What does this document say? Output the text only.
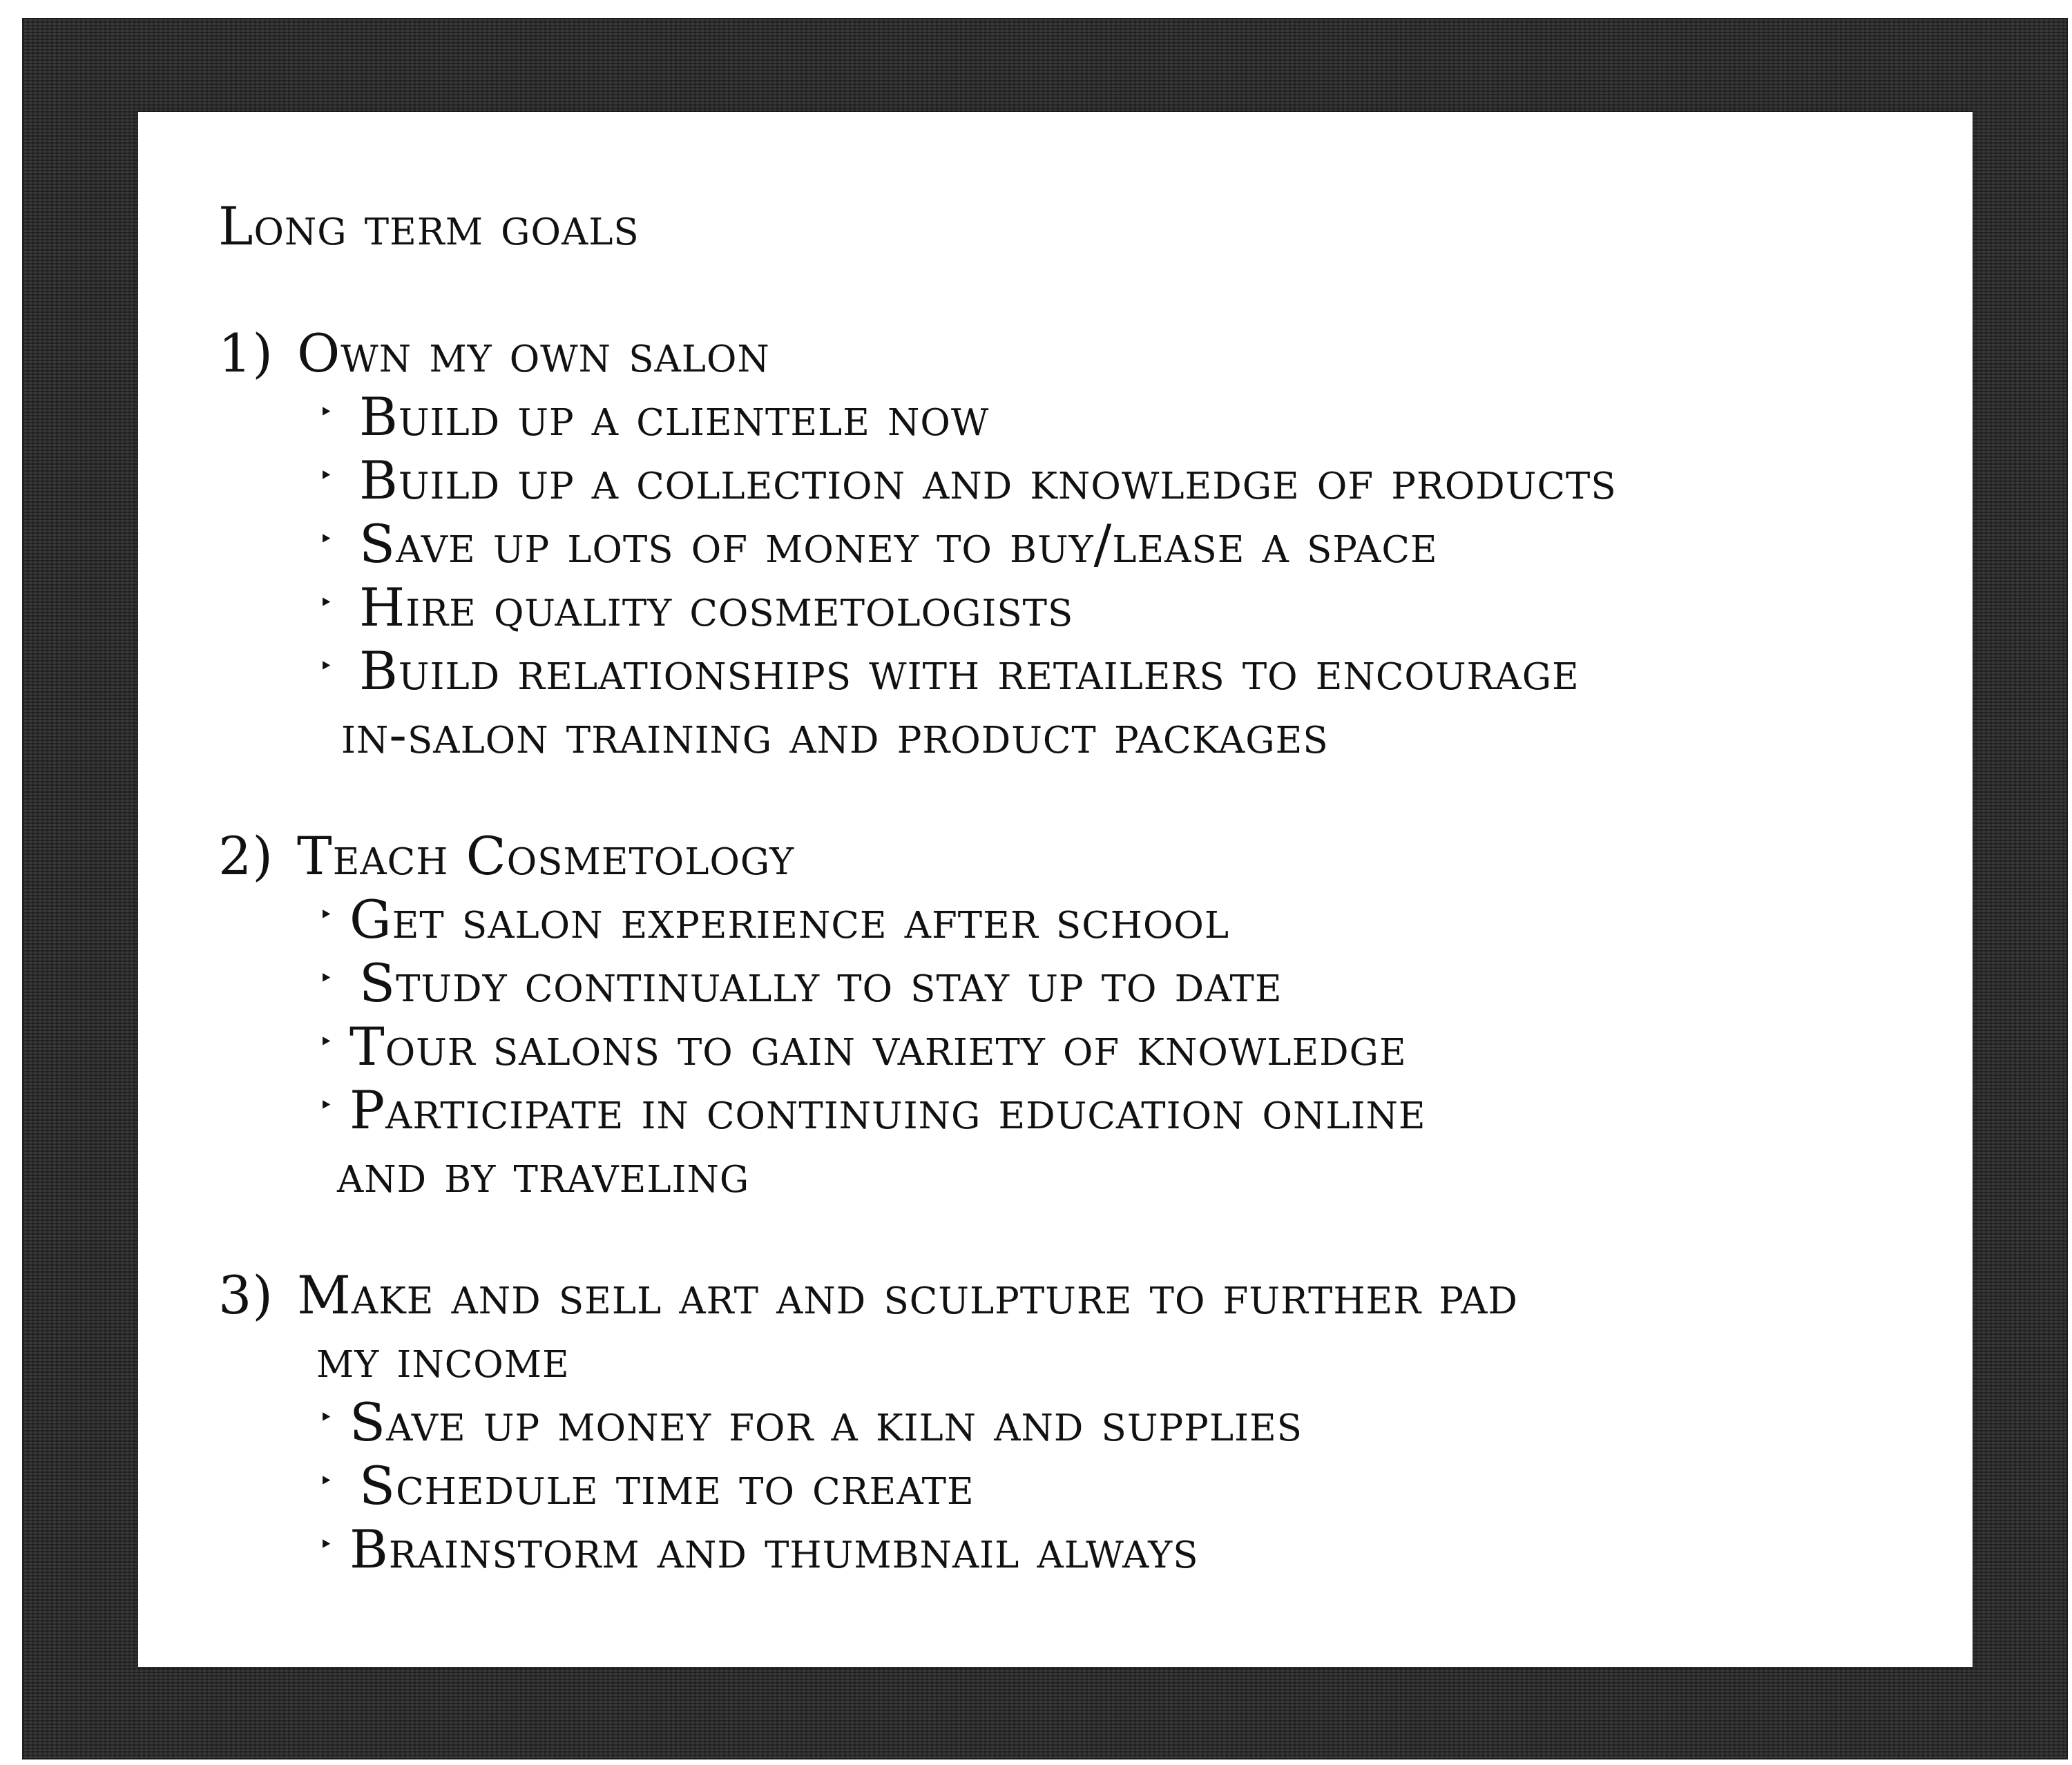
Long term goals
1) Own my own salon
‣ Build up a clientele now
‣ Build up a collection and knowledge of products
‣ Save up lots of money to buy/lease a space
‣ Hire quality cosmetologists
‣ Build relationships with retailers to encourage
in-salon training and product packages
2) Teach Cosmetology
‣ Get salon experience after school
‣ Study continually to stay up to date
‣ Tour salons to gain variety of knowledge
‣ Participate in continuing education online
and by traveling
3) Make and sell art and sculpture to further pad
my income
‣ Save up money for a kiln and supplies
‣ Schedule time to create
‣ Brainstorm and thumbnail always
